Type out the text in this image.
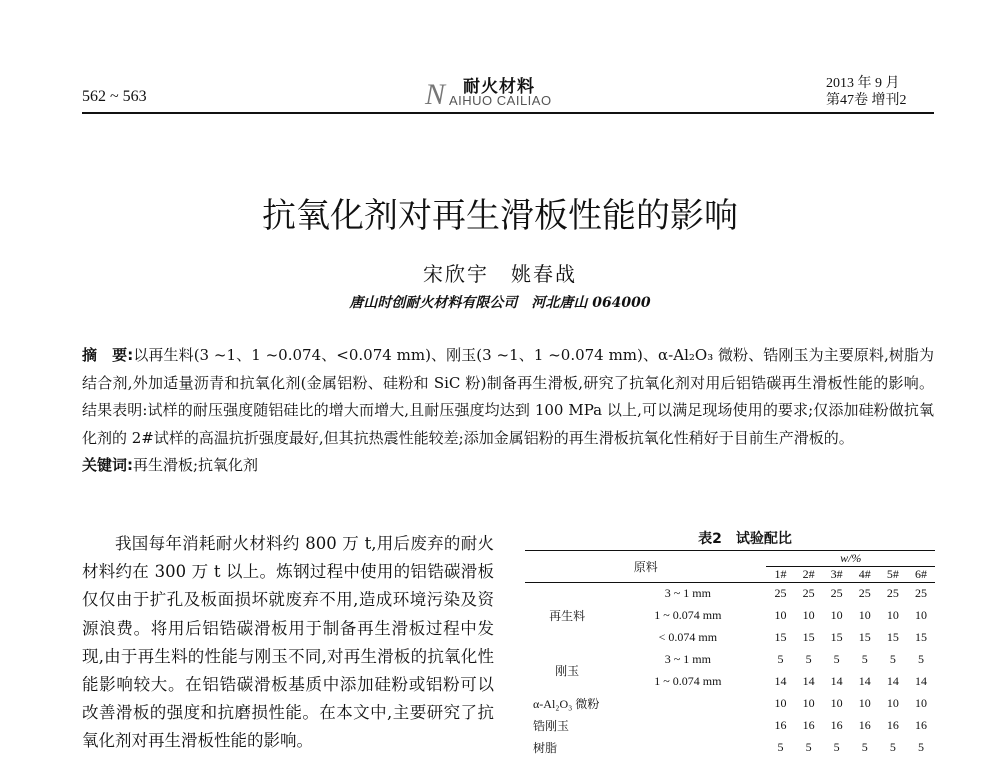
562 ~ 563	N 耐火材料
AIHUO CAILIAO
2013 年 9 月
第47卷 增刊2
抗氧化剂对再生滑板性能的影响
宋欣宇　姚春战
唐山时创耐火材料有限公司　河北唐山 064000
摘　要:以再生料(3 ~1、1 ~0.074、<0.074 mm)、刚玉(3 ~1、1 ~0.074 mm)、α-Al₂O₃ 微粉、锆刚玉为主要原料,树脂为结合剂,外加适量沥青和抗氧化剂(金属铝粉、硅粉和 SiC 粉)制备再生滑板,研究了抗氧化剂对用后铝锆碳再生滑板性能的影响。结果表明:试样的耐压强度随铝硅比的增大而增大,且耐压强度均达到 100 MPa 以上,可以满足现场使用的要求;仅添加硅粉做抗氧化剂的 2#试样的高温抗折强度最好,但其抗热震性能较差;添加金属铝粉的再生滑板抗氧化性稍好于目前生产滑板的。
关键词:再生滑板;抗氧化剂
我国每年消耗耐火材料约 800 万 t,用后废弃的耐火材料约在 300 万 t 以上。炼钢过程中使用的铝锆碳滑板仅仅由于扩孔及板面损坏就废弃不用,造成环境污染及资源浪费。将用后铝锆碳滑板用于制备再生滑板过程中发现,由于再生料的性能与刚玉不同,对再生滑板的抗氧化性能影响较大。在铝锆碳滑板基质中添加硅粉或铝粉可以改善滑板的强度和抗磨损性能。在本文中,主要研究了抗氧化剂对再生滑板性能的影响。
表2　试验配比
原料		w/%					
		1#	2#	3#	4#	5#	6#
再生料	3 ~ 1 mm	25	25	25	25	25	25
	1 ~ 0.074 mm	10	10	10	10	10	10
	< 0.074 mm	15	15	15	15	15	15
刚玉	3 ~ 1 mm	5	5	5	5	5	5
	1 ~ 0.074 mm	14	14	14	14	14	14
α-Al₂O₃ 微粉		10	10	10	10	10	10
锆刚玉		16	16	16	16	16	16
树脂		5	5	5	5	5	5
